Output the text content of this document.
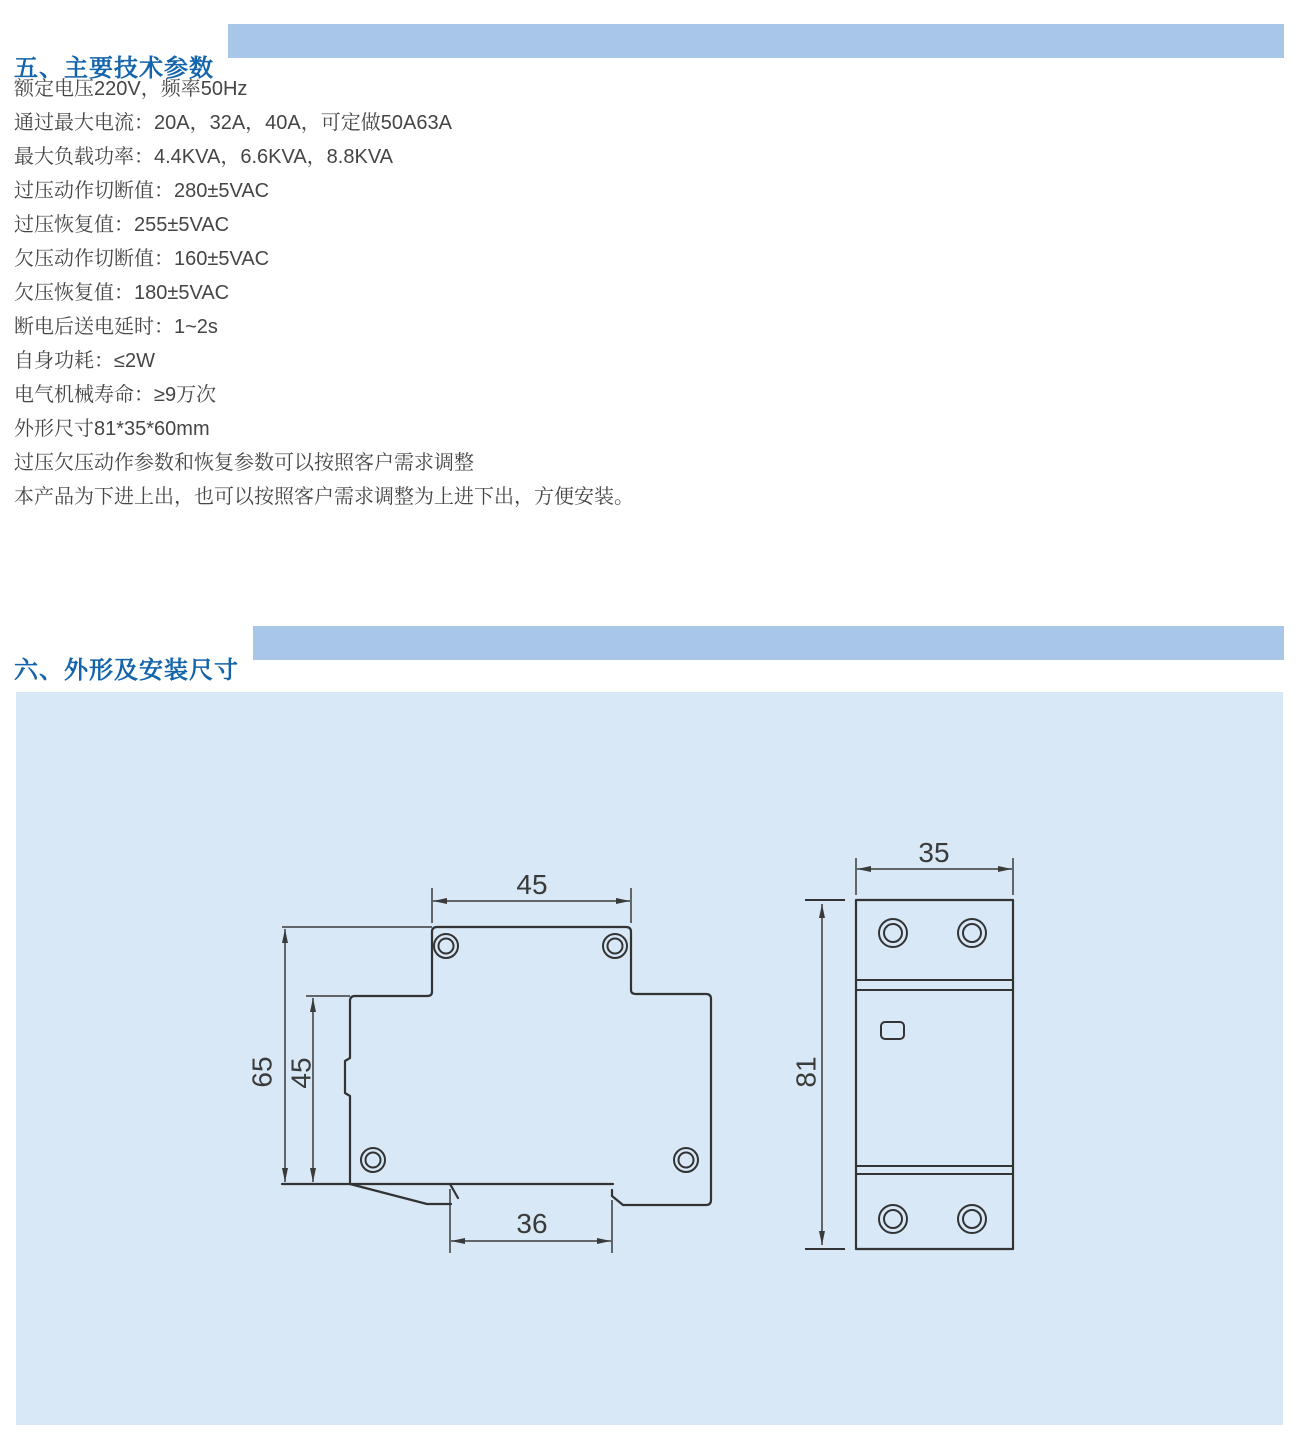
五、主要技术参数
额定电压220V，频率50Hz
通过最大电流：20A，32A，40A，可定做50A63A
最大负载功率：4.4KVA，6.6KVA，8.8KVA
过压动作切断值：280±5VAC
过压恢复值：255±5VAC
欠压动作切断值：160±5VAC
欠压恢复值：180±5VAC
断电后送电延时：1~2s
自身功耗：≤2W
电气机械寿命：≥9万次
外形尺寸81*35*60mm
过压欠压动作参数和恢复参数可以按照客户需求调整
本产品为下进上出，也可以按照客户需求调整为上进下出，方便安装。
六、外形及安装尺寸
45
65 45
36
35
81
